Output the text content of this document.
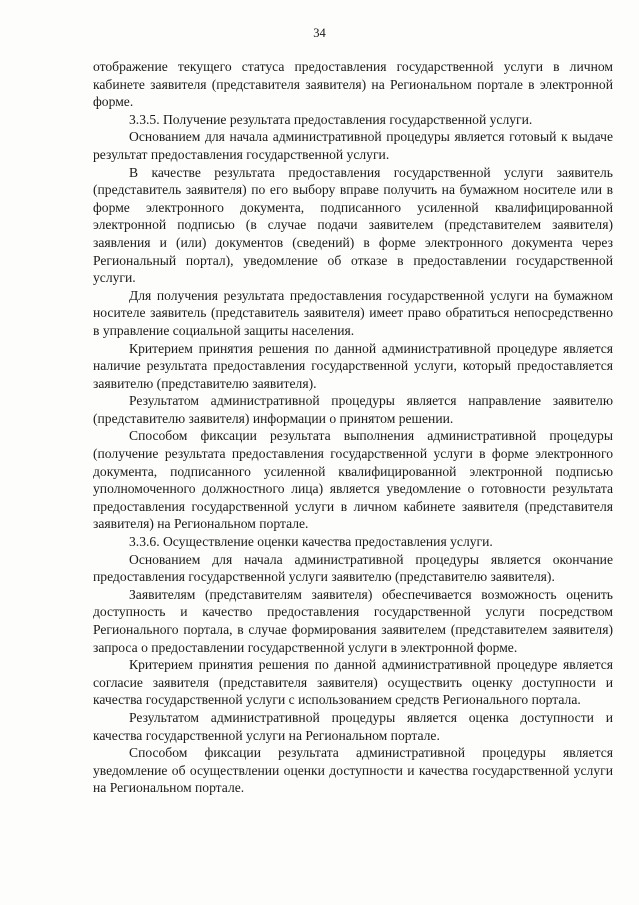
34

отображение текущего статуса предоставления государственной услуги в личном кабинете заявителя (представителя заявителя) на Региональном портале в электронной форме.

3.3.5. Получение результата предоставления государственной услуги.

Основанием для начала административной процедуры является готовый к выдаче результат предоставления государственной услуги.

В качестве результата предоставления государственной услуги заявитель (представитель заявителя) по его выбору вправе получить на бумажном носителе или в форме электронного документа, подписанного усиленной квалифицированной электронной подписью (в случае подачи заявителем (представителем заявителя) заявления и (или) документов (сведений) в форме электронного документа через Региональный портал), уведомление об отказе в предоставлении государственной услуги.

Для получения результата предоставления государственной услуги на бумажном носителе заявитель (представитель заявителя) имеет право обратиться непосредственно в управление социальной защиты населения.

Критерием принятия решения по данной административной процедуре является наличие результата предоставления государственной услуги, который предоставляется заявителю (представителю заявителя).

Результатом административной процедуры является направление заявителю (представителю заявителя) информации о принятом решении.

Способом фиксации результата выполнения административной процедуры (получение результата предоставления государственной услуги в форме электронного документа, подписанного усиленной квалифицированной электронной подписью уполномоченного должностного лица) является уведомление о готовности результата предоставления государственной услуги в личном кабинете заявителя (представителя заявителя) на Региональном портале.

3.3.6. Осуществление оценки качества предоставления услуги.

Основанием для начала административной процедуры является окончание предоставления государственной услуги заявителю (представителю заявителя).

Заявителям (представителям заявителя) обеспечивается возможность оценить доступность и качество предоставления государственной услуги посредством Регионального портала, в случае формирования заявителем (представителем заявителя) запроса о предоставлении государственной услуги в электронной форме.

Критерием принятия решения по данной административной процедуре является согласие заявителя (представителя заявителя) осуществить оценку доступности и качества государственной услуги с использованием средств Регионального портала.

Результатом административной процедуры является оценка доступности и качества государственной услуги на Региональном портале.

Способом фиксации результата административной процедуры является уведомление об осуществлении оценки доступности и качества государственной услуги на Региональном портале.
